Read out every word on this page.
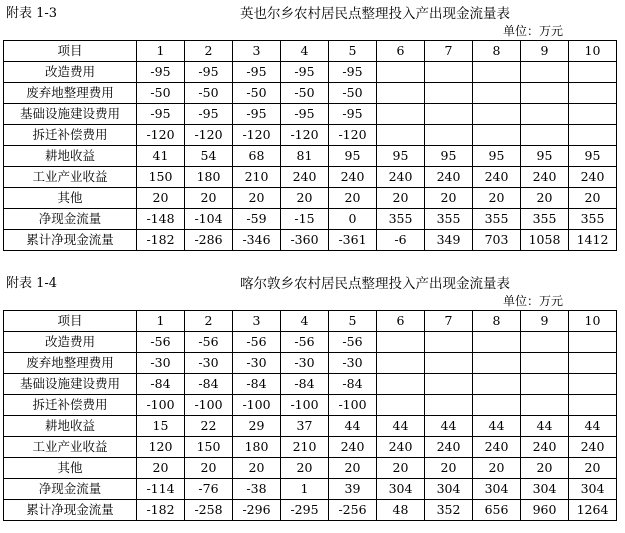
附表 1-3	英也尔乡农村居民点整理投入产出现金流量表
单位：万元
项目	1	2	3	4	5	6	7	8	9	10
改造费用	-95	-95	-95	-95	-95					
废弃地整理费用	-50	-50	-50	-50	-50					
基础设施建设费用	-95	-95	-95	-95	-95					
拆迁补偿费用	-120	-120	-120	-120	-120					
耕地收益	41	54	68	81	95	95	95	95	95	95
工业产业收益	150	180	210	240	240	240	240	240	240	240
其他	20	20	20	20	20	20	20	20	20	20
净现金流量	-148	-104	-59	-15	0	355	355	355	355	355
累计净现金流量	-182	-286	-346	-360	-361	-6	349	703	1058	1412
附表 1-4	喀尔敦乡农村居民点整理投入产出现金流量表
单位：万元
项目	1	2	3	4	5	6	7	8	9	10
改造费用	-56	-56	-56	-56	-56					
废弃地整理费用	-30	-30	-30	-30	-30					
基础设施建设费用	-84	-84	-84	-84	-84					
拆迁补偿费用	-100	-100	-100	-100	-100					
耕地收益	15	22	29	37	44	44	44	44	44	44
工业产业收益	120	150	180	210	240	240	240	240	240	240
其他	20	20	20	20	20	20	20	20	20	20
净现金流量	-114	-76	-38	1	39	304	304	304	304	304
累计净现金流量	-182	-258	-296	-295	-256	48	352	656	960	1264
